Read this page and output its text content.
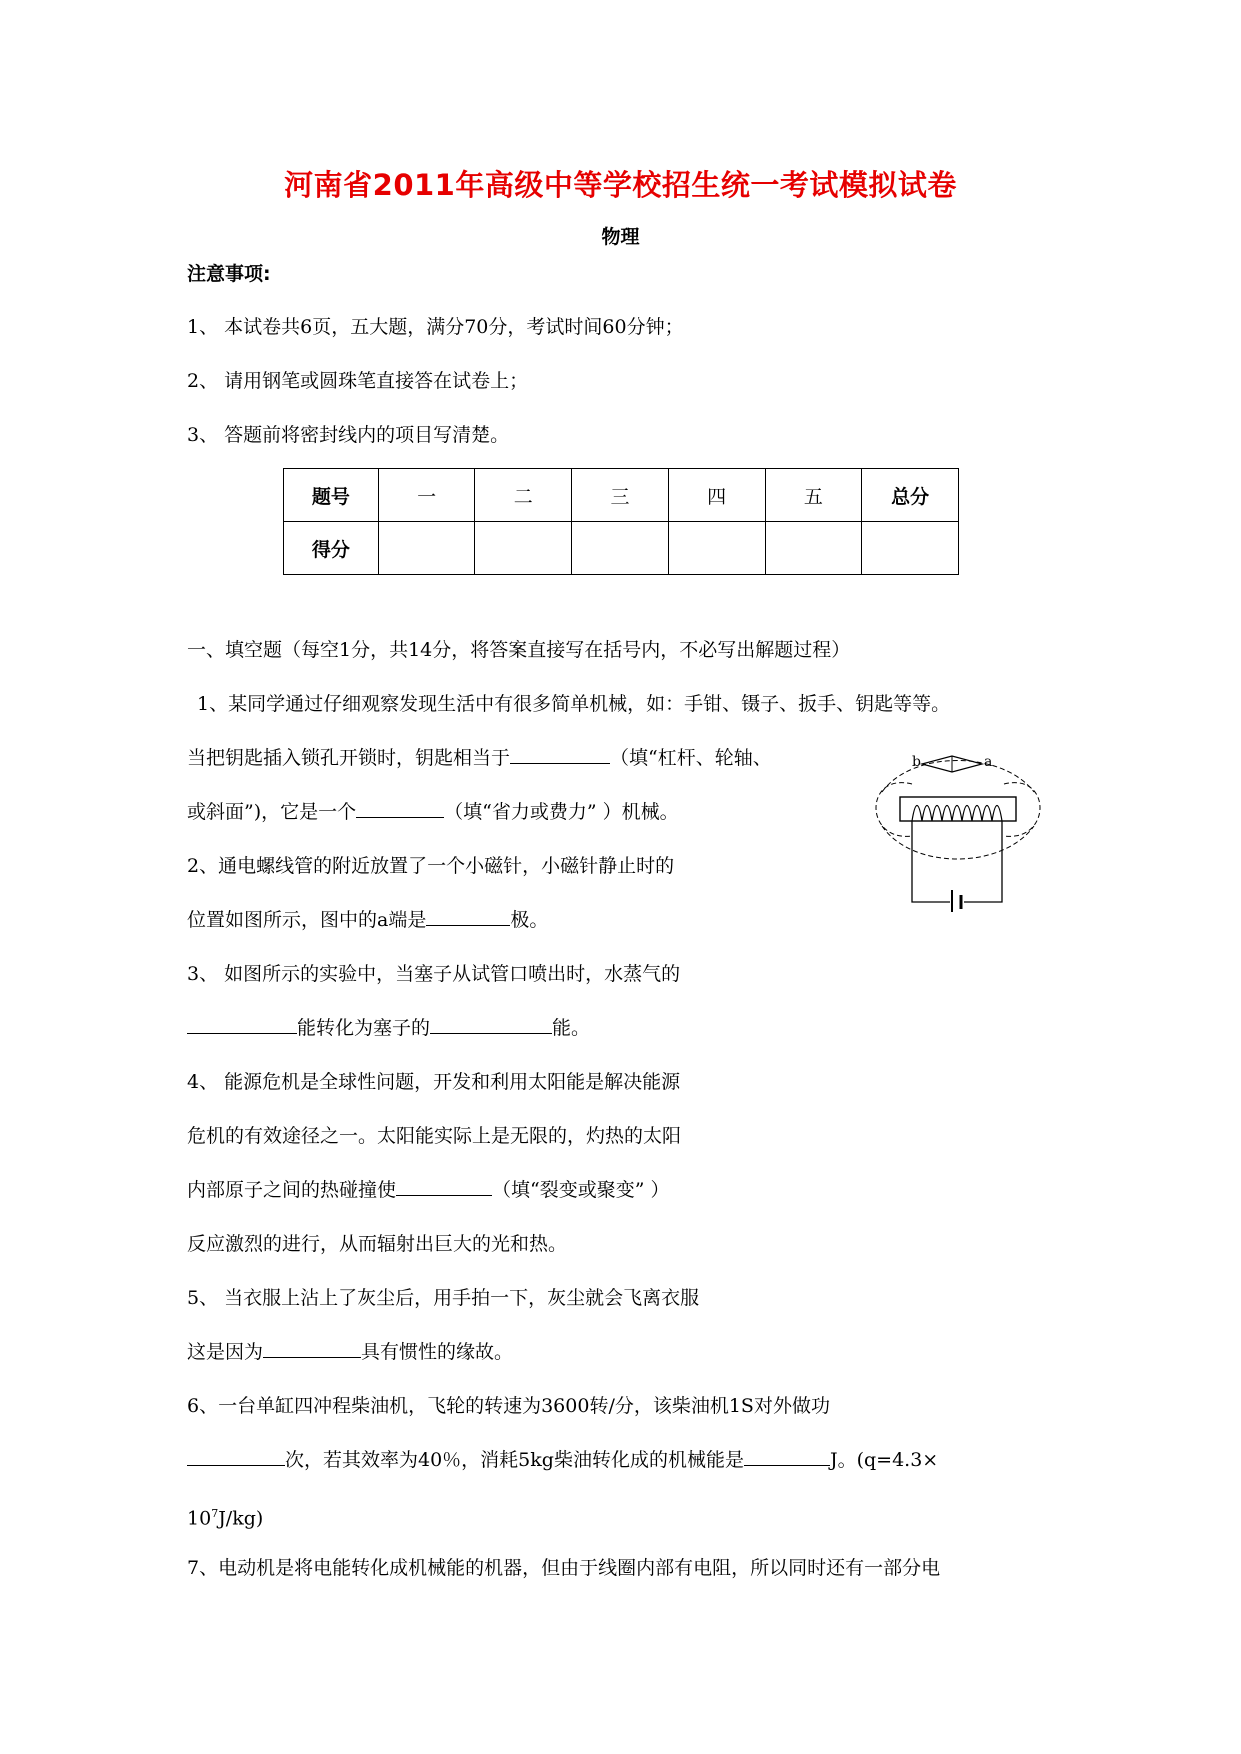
河南省2011年高级中等学校招生统一考试模拟试卷
物理
注意事项:
1、 本试卷共6页，五大题，满分70分，考试时间60分钟；
2、 请用钢笔或圆珠笔直接答在试卷上；
3、 答题前将密封线内的项目写清楚。
题号	一	二	三	四	五	总分
得分						
一、填空题（每空1分，共14分，将答案直接写在括号内，不必写出解题过程）
1、某同学通过仔细观察发现生活中有很多简单机械，如：手钳、镊子、扳手、钥匙等等。
当把钥匙插入锁孔开锁时，钥匙相当于	（填“杠杆、轮轴、
或斜面”)，它是一个	（填“省力或费力” ）机械。
2、通电螺线管的附近放置了一个小磁针，小磁针静止时的
位置如图所示，图中的a端是	极。
3、 如图所示的实验中，当塞子从试管口喷出时，水蒸气的
能转化为塞子的	能。
4、 能源危机是全球性问题，开发和利用太阳能是解决能源
危机的有效途径之一。太阳能实际上是无限的，灼热的太阳
内部原子之间的热碰撞使	（填“裂变或聚变” ）
反应激烈的进行，从而辐射出巨大的光和热。
5、 当衣服上沾上了灰尘后，用手拍一下，灰尘就会飞离衣服
这是因为	具有惯性的缘故。
6、一台单缸四冲程柴油机，飞轮的转速为3600转/分，该柴油机1S对外做功
次，若其效率为40％，消耗5kg柴油转化成的机械能是	J。(q=4.3×
$10^7J/kg$)
7、电动机是将电能转化成机械能的机器，但由于线圈内部有电阻，所以同时还有一部分电
b	a
